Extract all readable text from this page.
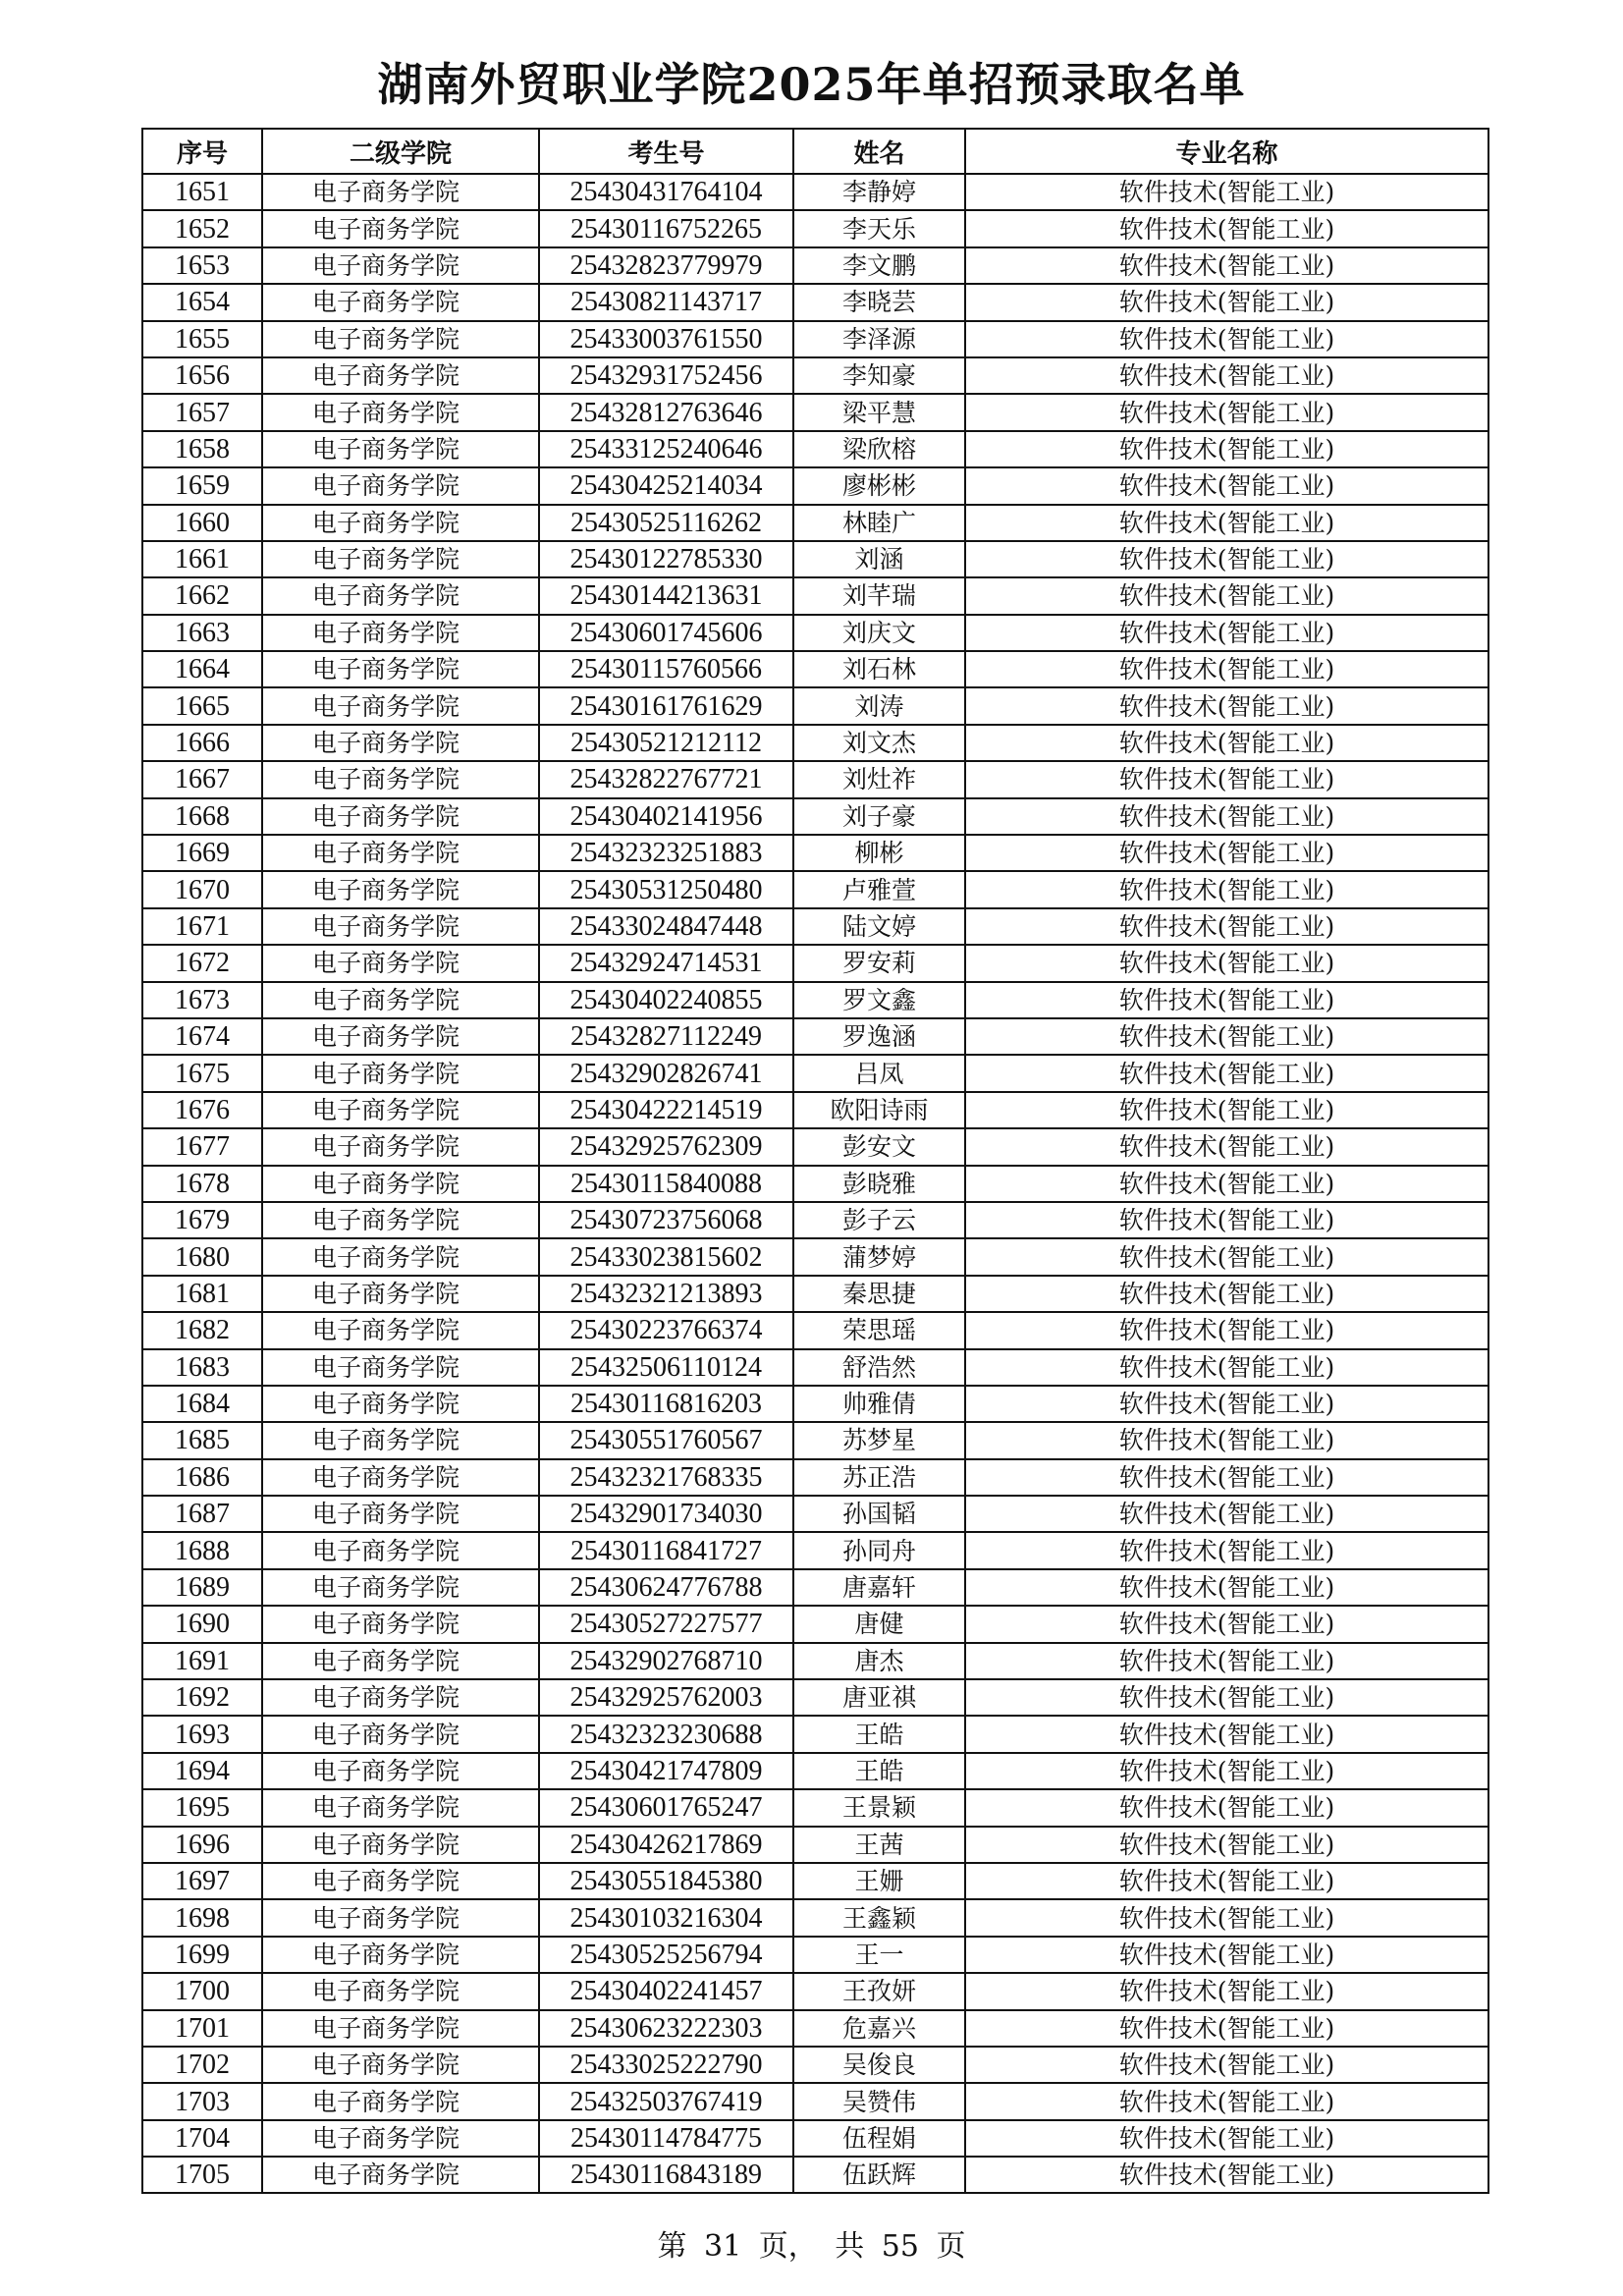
湖南外贸职业学院2025年单招预录取名单
序号	二级学院	考生号	姓名	专业名称
1651	电子商务学院	25430431764104	李静婷	软件技术(智能工业)
1652	电子商务学院	25430116752265	李天乐	软件技术(智能工业)
1653	电子商务学院	25432823779979	李文鹏	软件技术(智能工业)
1654	电子商务学院	25430821143717	李晓芸	软件技术(智能工业)
1655	电子商务学院	25433003761550	李泽源	软件技术(智能工业)
1656	电子商务学院	25432931752456	李知豪	软件技术(智能工业)
1657	电子商务学院	25432812763646	梁平慧	软件技术(智能工业)
1658	电子商务学院	25433125240646	梁欣榕	软件技术(智能工业)
1659	电子商务学院	25430425214034	廖彬彬	软件技术(智能工业)
1660	电子商务学院	25430525116262	林睦广	软件技术(智能工业)
1661	电子商务学院	25430122785330	刘涵	软件技术(智能工业)
1662	电子商务学院	25430144213631	刘芊瑞	软件技术(智能工业)
1663	电子商务学院	25430601745606	刘庆文	软件技术(智能工业)
1664	电子商务学院	25430115760566	刘石林	软件技术(智能工业)
1665	电子商务学院	25430161761629	刘涛	软件技术(智能工业)
1666	电子商务学院	25430521212112	刘文杰	软件技术(智能工业)
1667	电子商务学院	25432822767721	刘灶祚	软件技术(智能工业)
1668	电子商务学院	25430402141956	刘子豪	软件技术(智能工业)
1669	电子商务学院	25432323251883	柳彬	软件技术(智能工业)
1670	电子商务学院	25430531250480	卢雅萱	软件技术(智能工业)
1671	电子商务学院	25433024847448	陆文婷	软件技术(智能工业)
1672	电子商务学院	25432924714531	罗安莉	软件技术(智能工业)
1673	电子商务学院	25430402240855	罗文鑫	软件技术(智能工业)
1674	电子商务学院	25432827112249	罗逸涵	软件技术(智能工业)
1675	电子商务学院	25432902826741	吕凤	软件技术(智能工业)
1676	电子商务学院	25430422214519	欧阳诗雨	软件技术(智能工业)
1677	电子商务学院	25432925762309	彭安文	软件技术(智能工业)
1678	电子商务学院	25430115840088	彭晓雅	软件技术(智能工业)
1679	电子商务学院	25430723756068	彭子云	软件技术(智能工业)
1680	电子商务学院	25433023815602	蒲梦婷	软件技术(智能工业)
1681	电子商务学院	25432321213893	秦思捷	软件技术(智能工业)
1682	电子商务学院	25430223766374	荣思瑶	软件技术(智能工业)
1683	电子商务学院	25432506110124	舒浩然	软件技术(智能工业)
1684	电子商务学院	25430116816203	帅雅倩	软件技术(智能工业)
1685	电子商务学院	25430551760567	苏梦星	软件技术(智能工业)
1686	电子商务学院	25432321768335	苏正浩	软件技术(智能工业)
1687	电子商务学院	25432901734030	孙国韬	软件技术(智能工业)
1688	电子商务学院	25430116841727	孙同舟	软件技术(智能工业)
1689	电子商务学院	25430624776788	唐嘉轩	软件技术(智能工业)
1690	电子商务学院	25430527227577	唐健	软件技术(智能工业)
1691	电子商务学院	25432902768710	唐杰	软件技术(智能工业)
1692	电子商务学院	25432925762003	唐亚祺	软件技术(智能工业)
1693	电子商务学院	25432323230688	王皓	软件技术(智能工业)
1694	电子商务学院	25430421747809	王皓	软件技术(智能工业)
1695	电子商务学院	25430601765247	王景颖	软件技术(智能工业)
1696	电子商务学院	25430426217869	王茜	软件技术(智能工业)
1697	电子商务学院	25430551845380	王姗	软件技术(智能工业)
1698	电子商务学院	25430103216304	王鑫颖	软件技术(智能工业)
1699	电子商务学院	25430525256794	王一	软件技术(智能工业)
1700	电子商务学院	25430402241457	王孜妍	软件技术(智能工业)
1701	电子商务学院	25430623222303	危嘉兴	软件技术(智能工业)
1702	电子商务学院	25433025222790	吴俊良	软件技术(智能工业)
1703	电子商务学院	25432503767419	吴赞伟	软件技术(智能工业)
1704	电子商务学院	25430114784775	伍程娟	软件技术(智能工业)
1705	电子商务学院	25430116843189	伍跃辉	软件技术(智能工业)
第 31 页， 共 55 页
